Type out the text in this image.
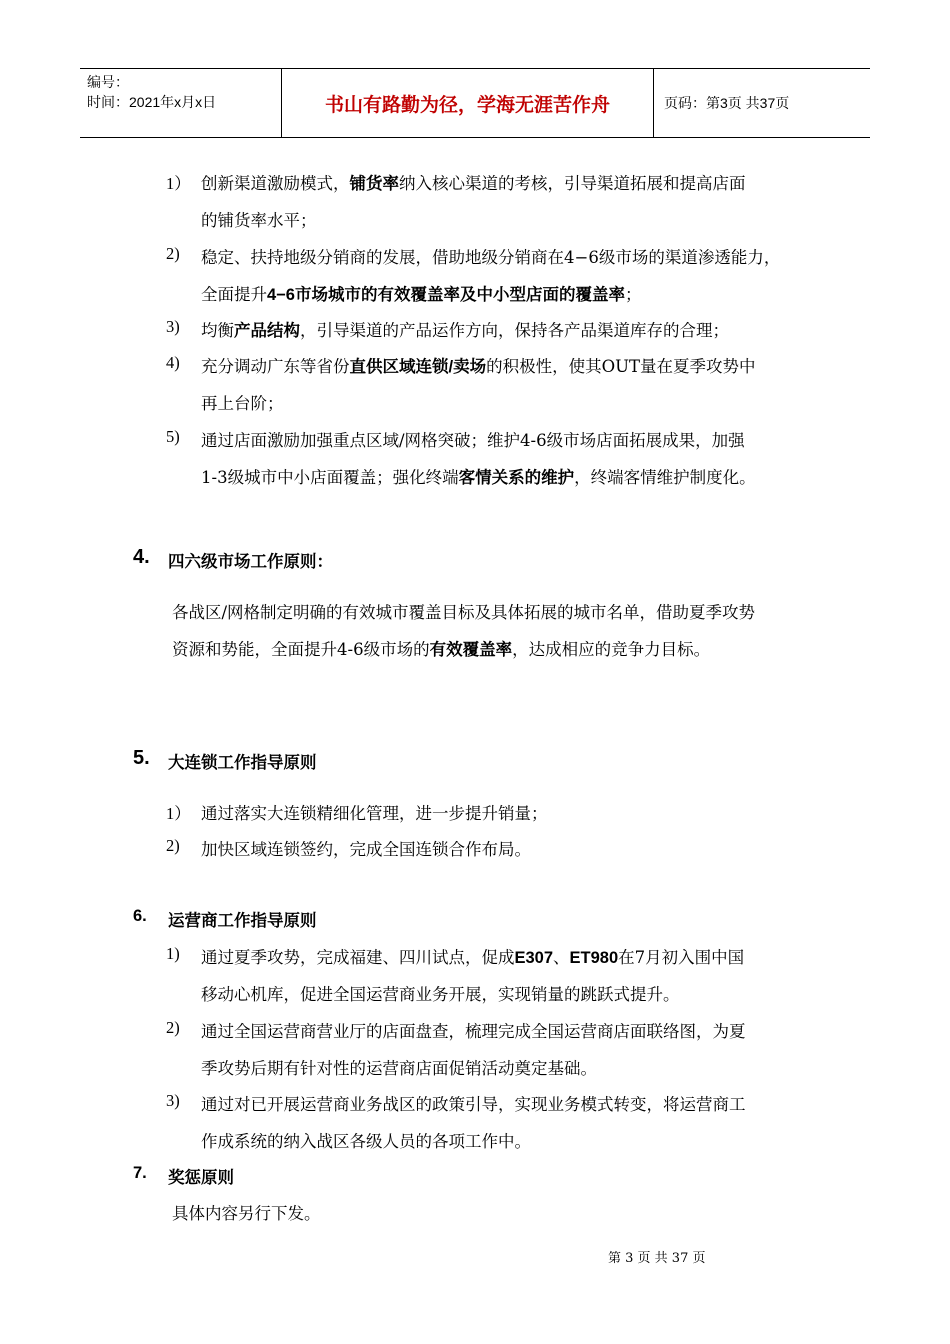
编号：
时间：2021年x月x日	书山有路勤为径，学海无涯苦作舟	页码：第3页 共37页
1） 创新渠道激励模式，铺货率纳入核心渠道的考核，引导渠道拓展和提高店面
的铺货率水平；
2) 稳定、扶持地级分销商的发展，借助地级分销商在4−6级市场的渠道渗透能力，
全面提升4−6市场城市的有效覆盖率及中小型店面的覆盖率；
3) 均衡产品结构，引导渠道的产品运作方向，保持各产品渠道库存的合理；
4) 充分调动广东等省份直供区域连锁/卖场的积极性，使其OUT量在夏季攻势中
再上台阶；
5) 通过店面激励加强重点区域/网格突破；维护4-6级市场店面拓展成果，加强
1-3级城市中小店面覆盖；强化终端客情关系的维护，终端客情维护制度化。
4. 四六级市场工作原则：
各战区/网格制定明确的有效城市覆盖目标及具体拓展的城市名单，借助夏季攻势
资源和势能，全面提升4-6级市场的有效覆盖率，达成相应的竞争力目标。
5. 大连锁工作指导原则
1） 通过落实大连锁精细化管理，进一步提升销量；
2) 加快区域连锁签约，完成全国连锁合作布局。
6. 运营商工作指导原则
1) 通过夏季攻势，完成福建、四川试点，促成E307、ET980在7月初入围中国
移动心机库，促进全国运营商业务开展，实现销量的跳跃式提升。
2) 通过全国运营商营业厅的店面盘查，梳理完成全国运营商店面联络图，为夏
季攻势后期有针对性的运营商店面促销活动奠定基础。
3) 通过对已开展运营商业务战区的政策引导，实现业务模式转变，将运营商工
作成系统的纳入战区各级人员的各项工作中。
7. 奖惩原则
具体内容另行下发。
第 3 页 共 37 页
